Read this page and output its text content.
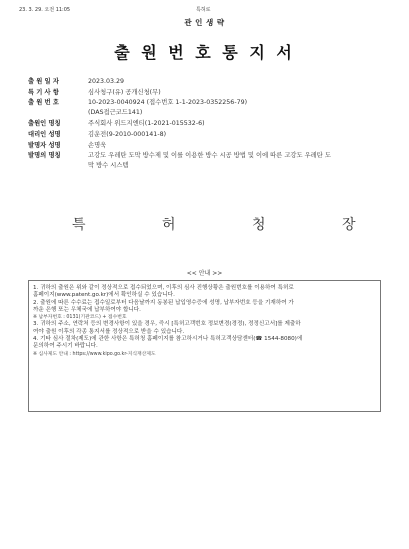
23. 3. 29. 오전 11:05	특허로
관 인 생 략
출 원 번 호 통 지 서
출 원 일 자	2023.03.29
특 기 사 항	심사청구(유) 공개신청(무)
출 원 번 호	10-2023-0040924 (접수번호 1-1-2023-0352256-79)
(DAS접근코드141)
출원인 명칭	주식회사 위드지엔티(1-2021-015532-6)
대리인 성명	김운전(9-2010-000141-8)
발명자 성명	손명욱
발명의 명칭	고강도 우레탄 도막 방수제 및 이를 이용한 방수 시공 방법 및 이에 따른 고강도 우레탄 도
막 방수 시스템
특	허	청	장
<< 안내 >>

1. 귀하의 출원은 위와 같이 정상적으로 접수되었으며, 이후의 심사 진행상황은 출원번호를 이용하여 특허로

홈페이지(www.patent.go.kr)에서 확인하실 수 있습니다.

2. 출원에 따른 수수료는 접수일로부터 다음날까지 동봉된 납입영수증에 성명, 납부자번호 등을 기재하여 가

까운 은행 또는 우체국에 납부하여야 합니다.

※ 납부자번호 : 0131(기관코드) + 접수번호

3. 귀하의 주소, 연락처 등의 변경사항이 있을 경우, 즉시 [특허고객번호 정보변경(경정), 정정신고서]를 제출하

여야 출원 이후의 각종 통지서를 정상적으로 받을 수 있습니다.

4. 기타 심사 절차(제도)에 관한 사항은 특허청 홈페이지를 참고하시거나 특허고객상담센터(☎ 1544-8080)에

문의하여 주시기 바랍니다.

※ 심사제도 안내 : https://www.kipo.go.kr-지식재산제도
